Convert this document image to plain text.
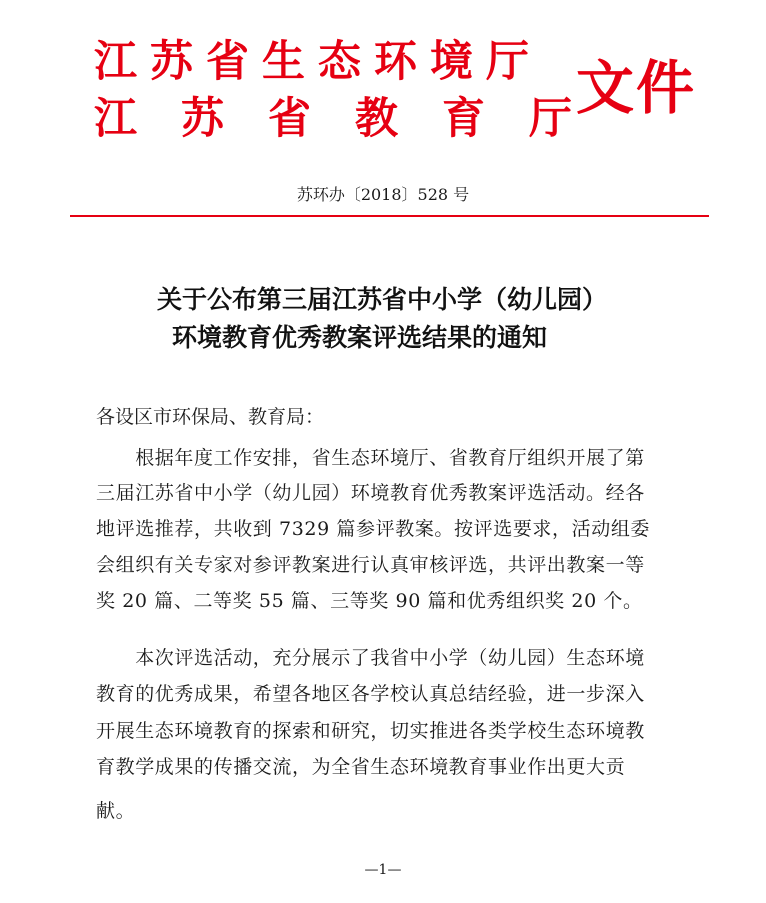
江苏省生态环境厅
江苏省教育厅
文件
苏环办〔2018〕528 号
关于公布第三届江苏省中小学（幼儿园）
环境教育优秀教案评选结果的通知
各设区市环保局、教育局：
　　根据年度工作安排，省生态环境厅、省教育厅组织开展了第
三届江苏省中小学（幼儿园）环境教育优秀教案评选活动。经各
地评选推荐，共收到 7329 篇参评教案。按评选要求，活动组委
会组织有关专家对参评教案进行认真审核评选，共评出教案一等
奖 20 篇、二等奖 55 篇、三等奖 90 篇和优秀组织奖 20 个。
　　本次评选活动，充分展示了我省中小学（幼儿园）生态环境
教育的优秀成果，希望各地区各学校认真总结经验，进一步深入
开展生态环境教育的探索和研究，切实推进各类学校生态环境教
育教学成果的传播交流，为全省生态环境教育事业作出更大贡
献。
—1—
